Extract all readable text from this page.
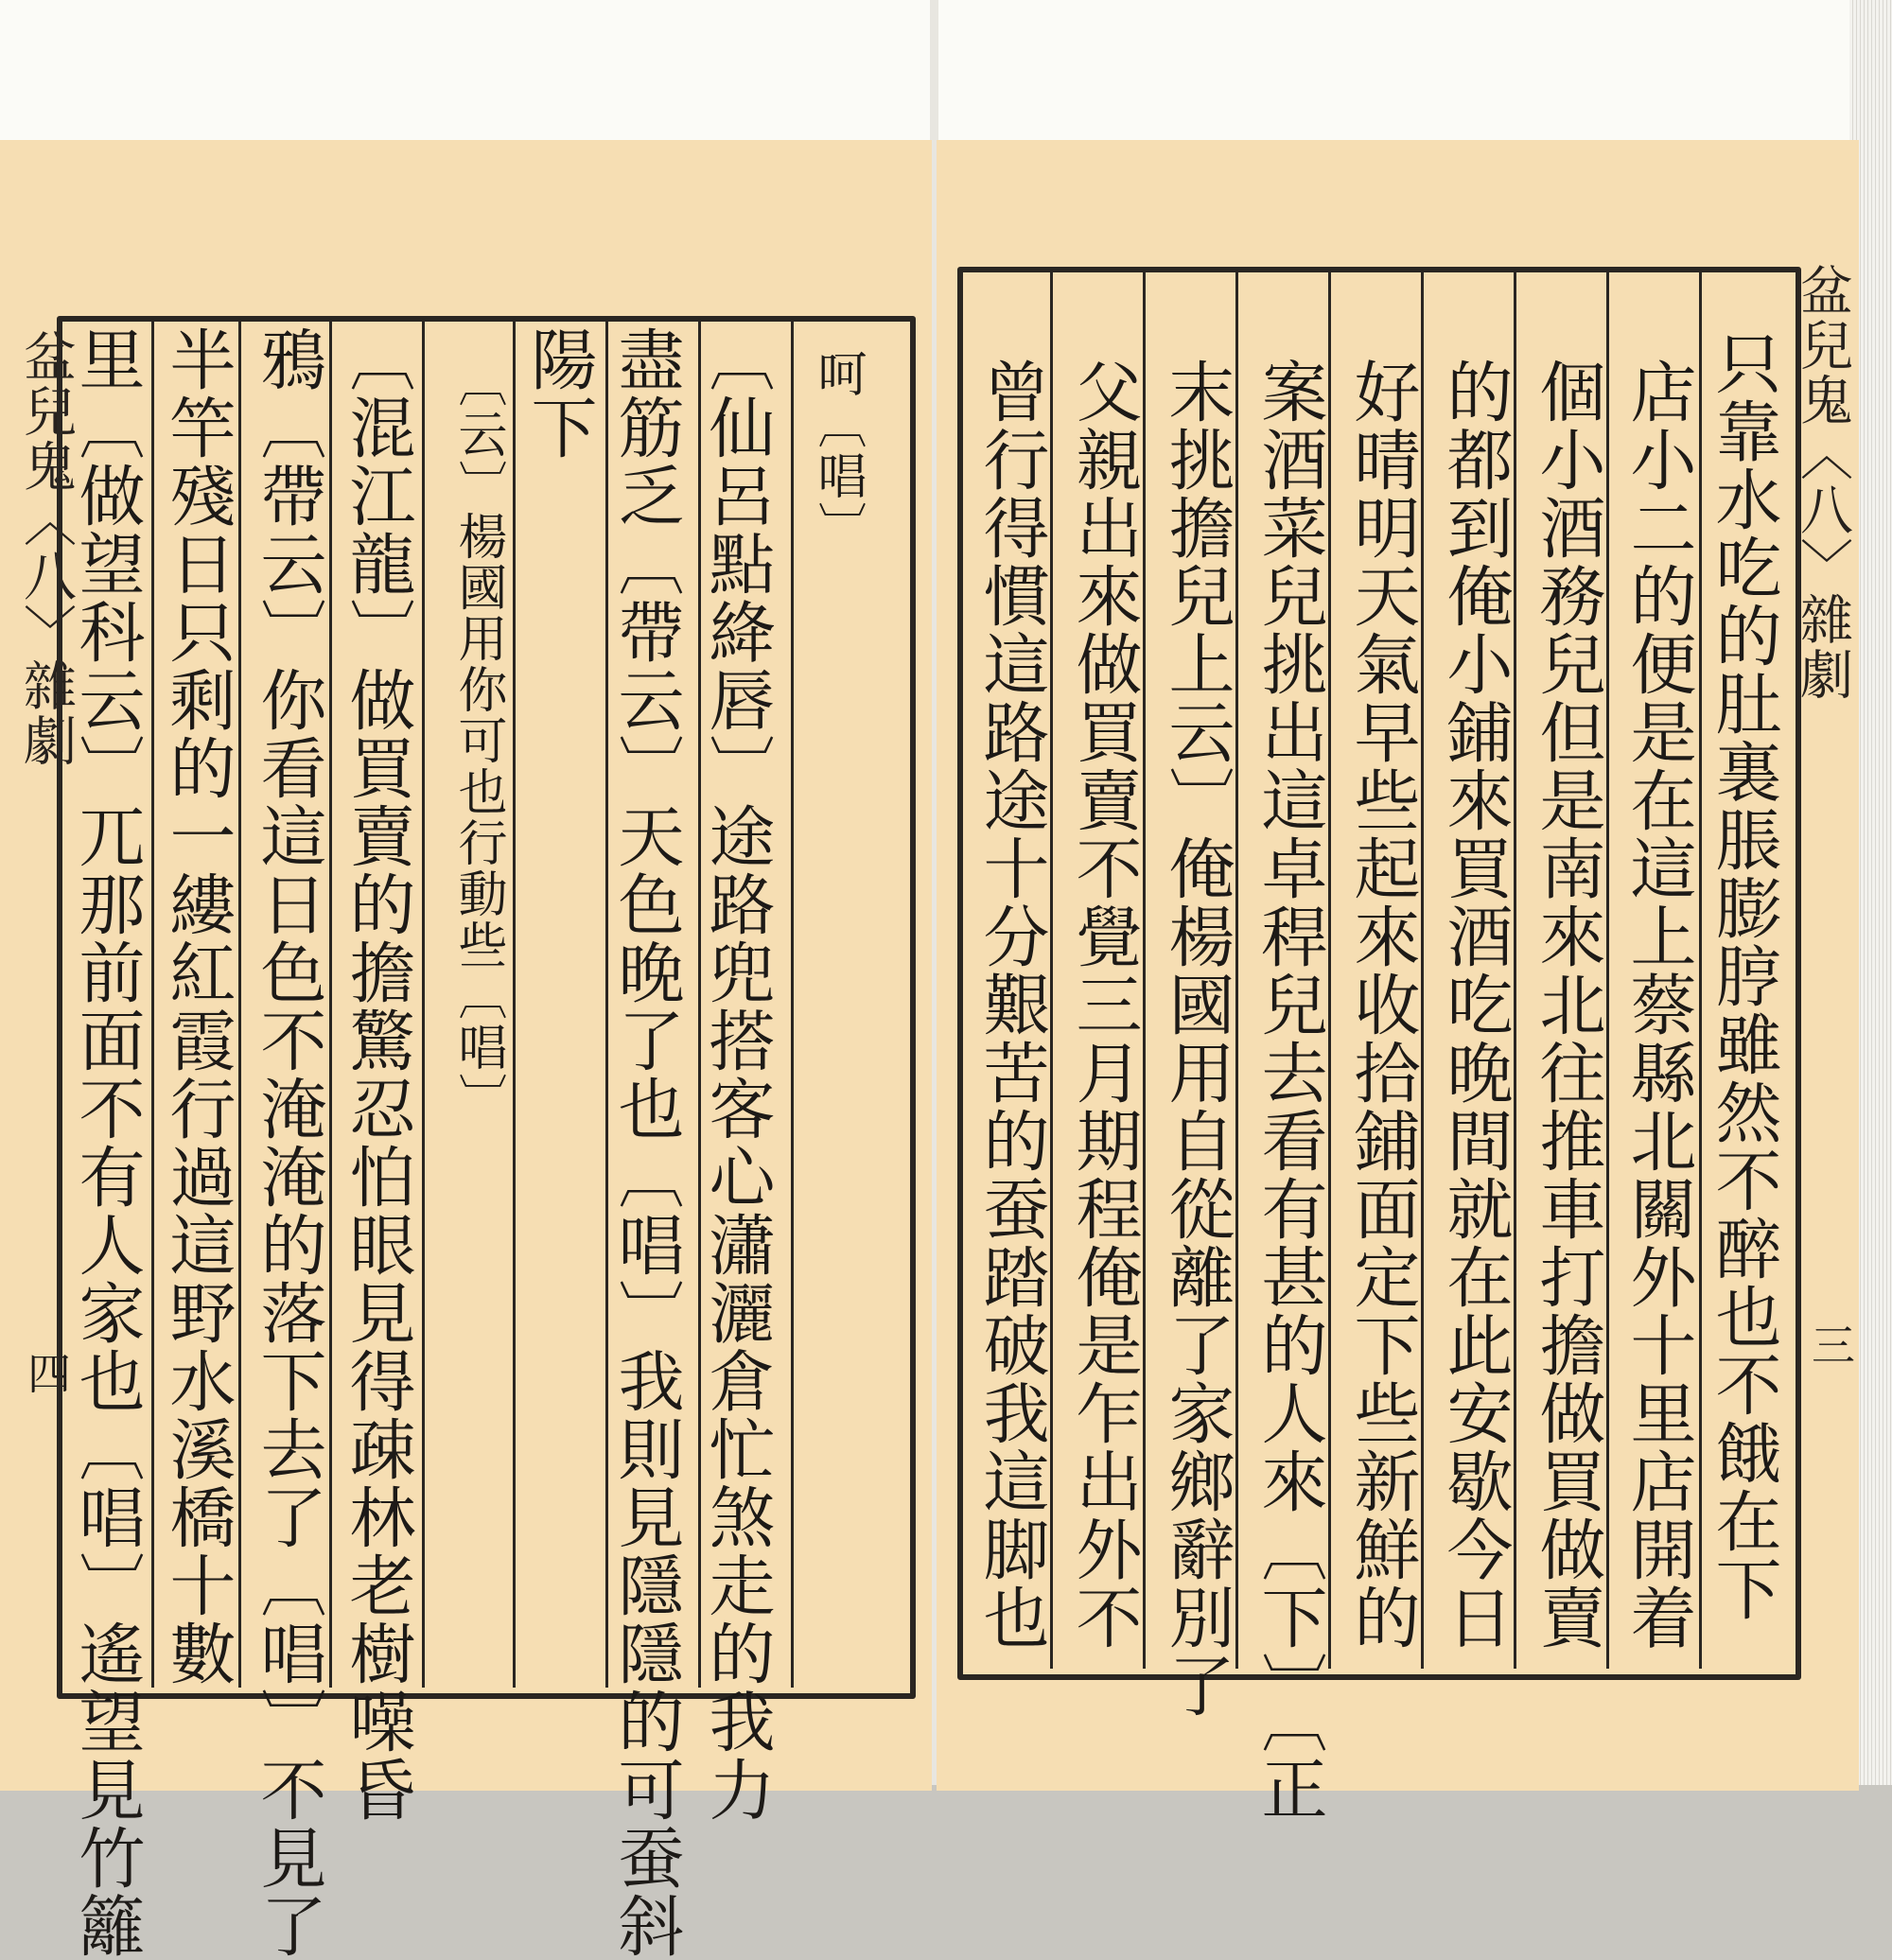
盆兒鬼〈八〉雜劇
四
呵〔唱〕
〔仙呂點絳唇〕途路兜搭客心瀟灑倉忙煞走的我力
盡筋乏〔帶云〕天色晚了也〔唱〕我則見隱隱的可蚕斜
陽下
〔云〕楊國用你可也行動些〔唱〕
〔混江龍〕做買賣的擔驚忍怕眼見得疎林老樹噪昏
鴉〔帶云〕你看這日色不淹淹的落下去了〔唱〕不見了
半竿殘日只剩的一縷紅霞行過這野水溪橋十數
里〔做望科云〕兀那前面不有人家也〔唱〕遙望見竹籬	盆兒鬼〈八〉雜劇
三
只靠水吃的肚裏脹膨脝雖然不醉也不餓在下
店小二的便是在這上蔡縣北關外十里店開着
個小酒務兒但是南來北往推車打擔做買做賣
的都到俺小鋪來買酒吃晚間就在此安歇今日
好晴明天氣早些起來收拾鋪面定下些新鮮的
案酒菜兒挑出這卓稈兒去看有甚的人來〔下〕〔正
末挑擔兒上云〕俺楊國用自從離了家鄉辭別了
父親出來做買賣不覺三月期程俺是乍出外不
曾行得慣這路途十分艱苦的蚕踏破我這脚也
